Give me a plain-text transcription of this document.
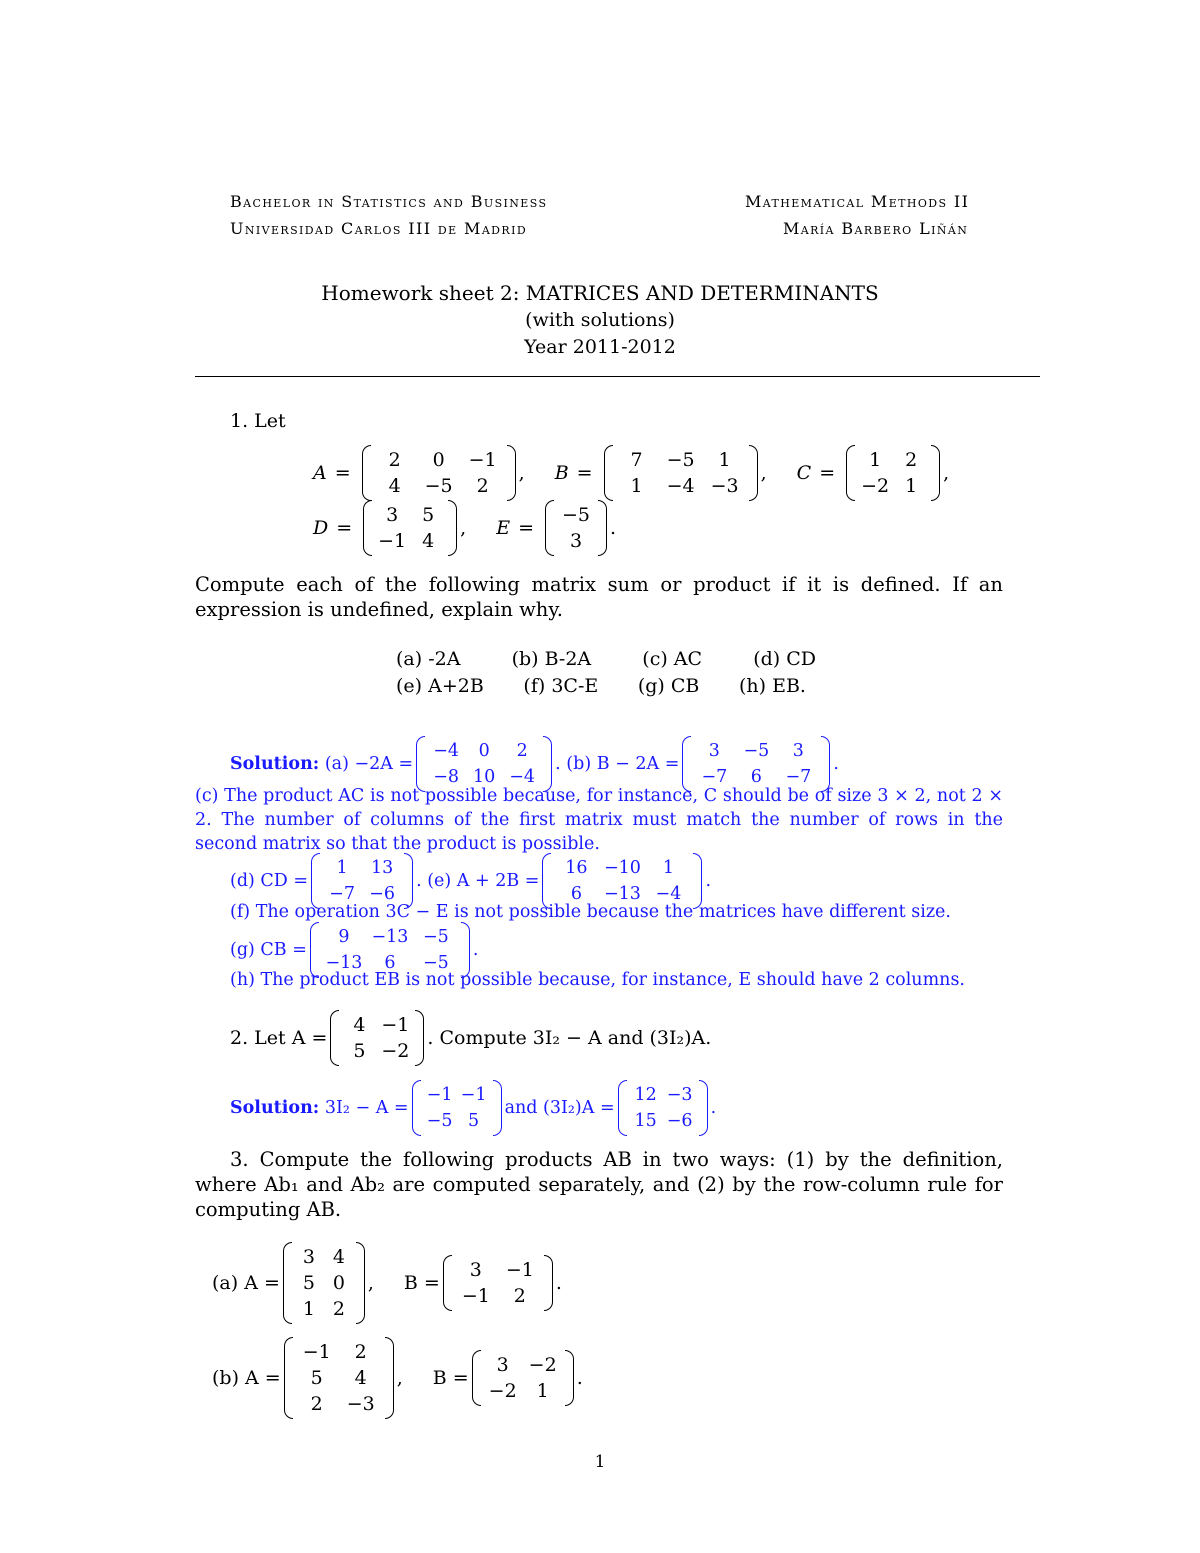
Bachelor in Statistics and Business
Universidad Carlos III de Madrid
Mathematical Methods II
María Barbero Liñán
Homework sheet 2: MATRICES AND DETERMINANTS
(with solutions)
Year 2011-2012
1. Let
A =
2	0	−1
4	−5	2
, B =
7	−5	1
1	−4 −3
, C =
1	2
−2 1
,
D =
3	5
−1 4
, E =
−5
3
.
Compute each of the following matrix sum or product if it is defined. If an expression is undefined, explain why.
(a) -2A	(b) B-2A	(c) AC	(d) CD
(e) A+2B (f) 3C-E (g) CB (h) EB.
Solution:
(a) −2A =
−4	0	2
−8 10 −4
. (b) B − 2A =
3	−5	3
−7	6	−7
.
(c) The product AC is not possible because, for instance, C should be of size 3 × 2, not 2 × 2. The number of columns of the first matrix must match the number of rows in the second matrix so that the product is possible.
(d) CD =
1	13
−7 −6
. (e) A + 2B =
16 −10	1
6	−13 −4
.
(f) The operation 3C − E is not possible because the matrices have different size.
(g) CB =
9	−13 −5
−13	6	−5
.
(h) The product EB is not possible because, for instance, E should have 2 columns.
2. Let A =
4 −1
5 −2
. Compute 3I₂ − A and (3I₂)A.
Solution:
3I₂ − A =
−1 −1
−5 5
and (3I₂)A =
12 −3
15 −6
.
3. Compute the following products AB in two ways: (1) by the definition, where Ab₁ and Ab₂ are computed separately, and (2) by the row-column rule for computing AB.
(a) A =
3 4
5 0
1 2
, B =
3	−1
−1	2
.
(b) A =
−1	2
5	4
2	−3
, B =
3	−2
−2	1
.
1
